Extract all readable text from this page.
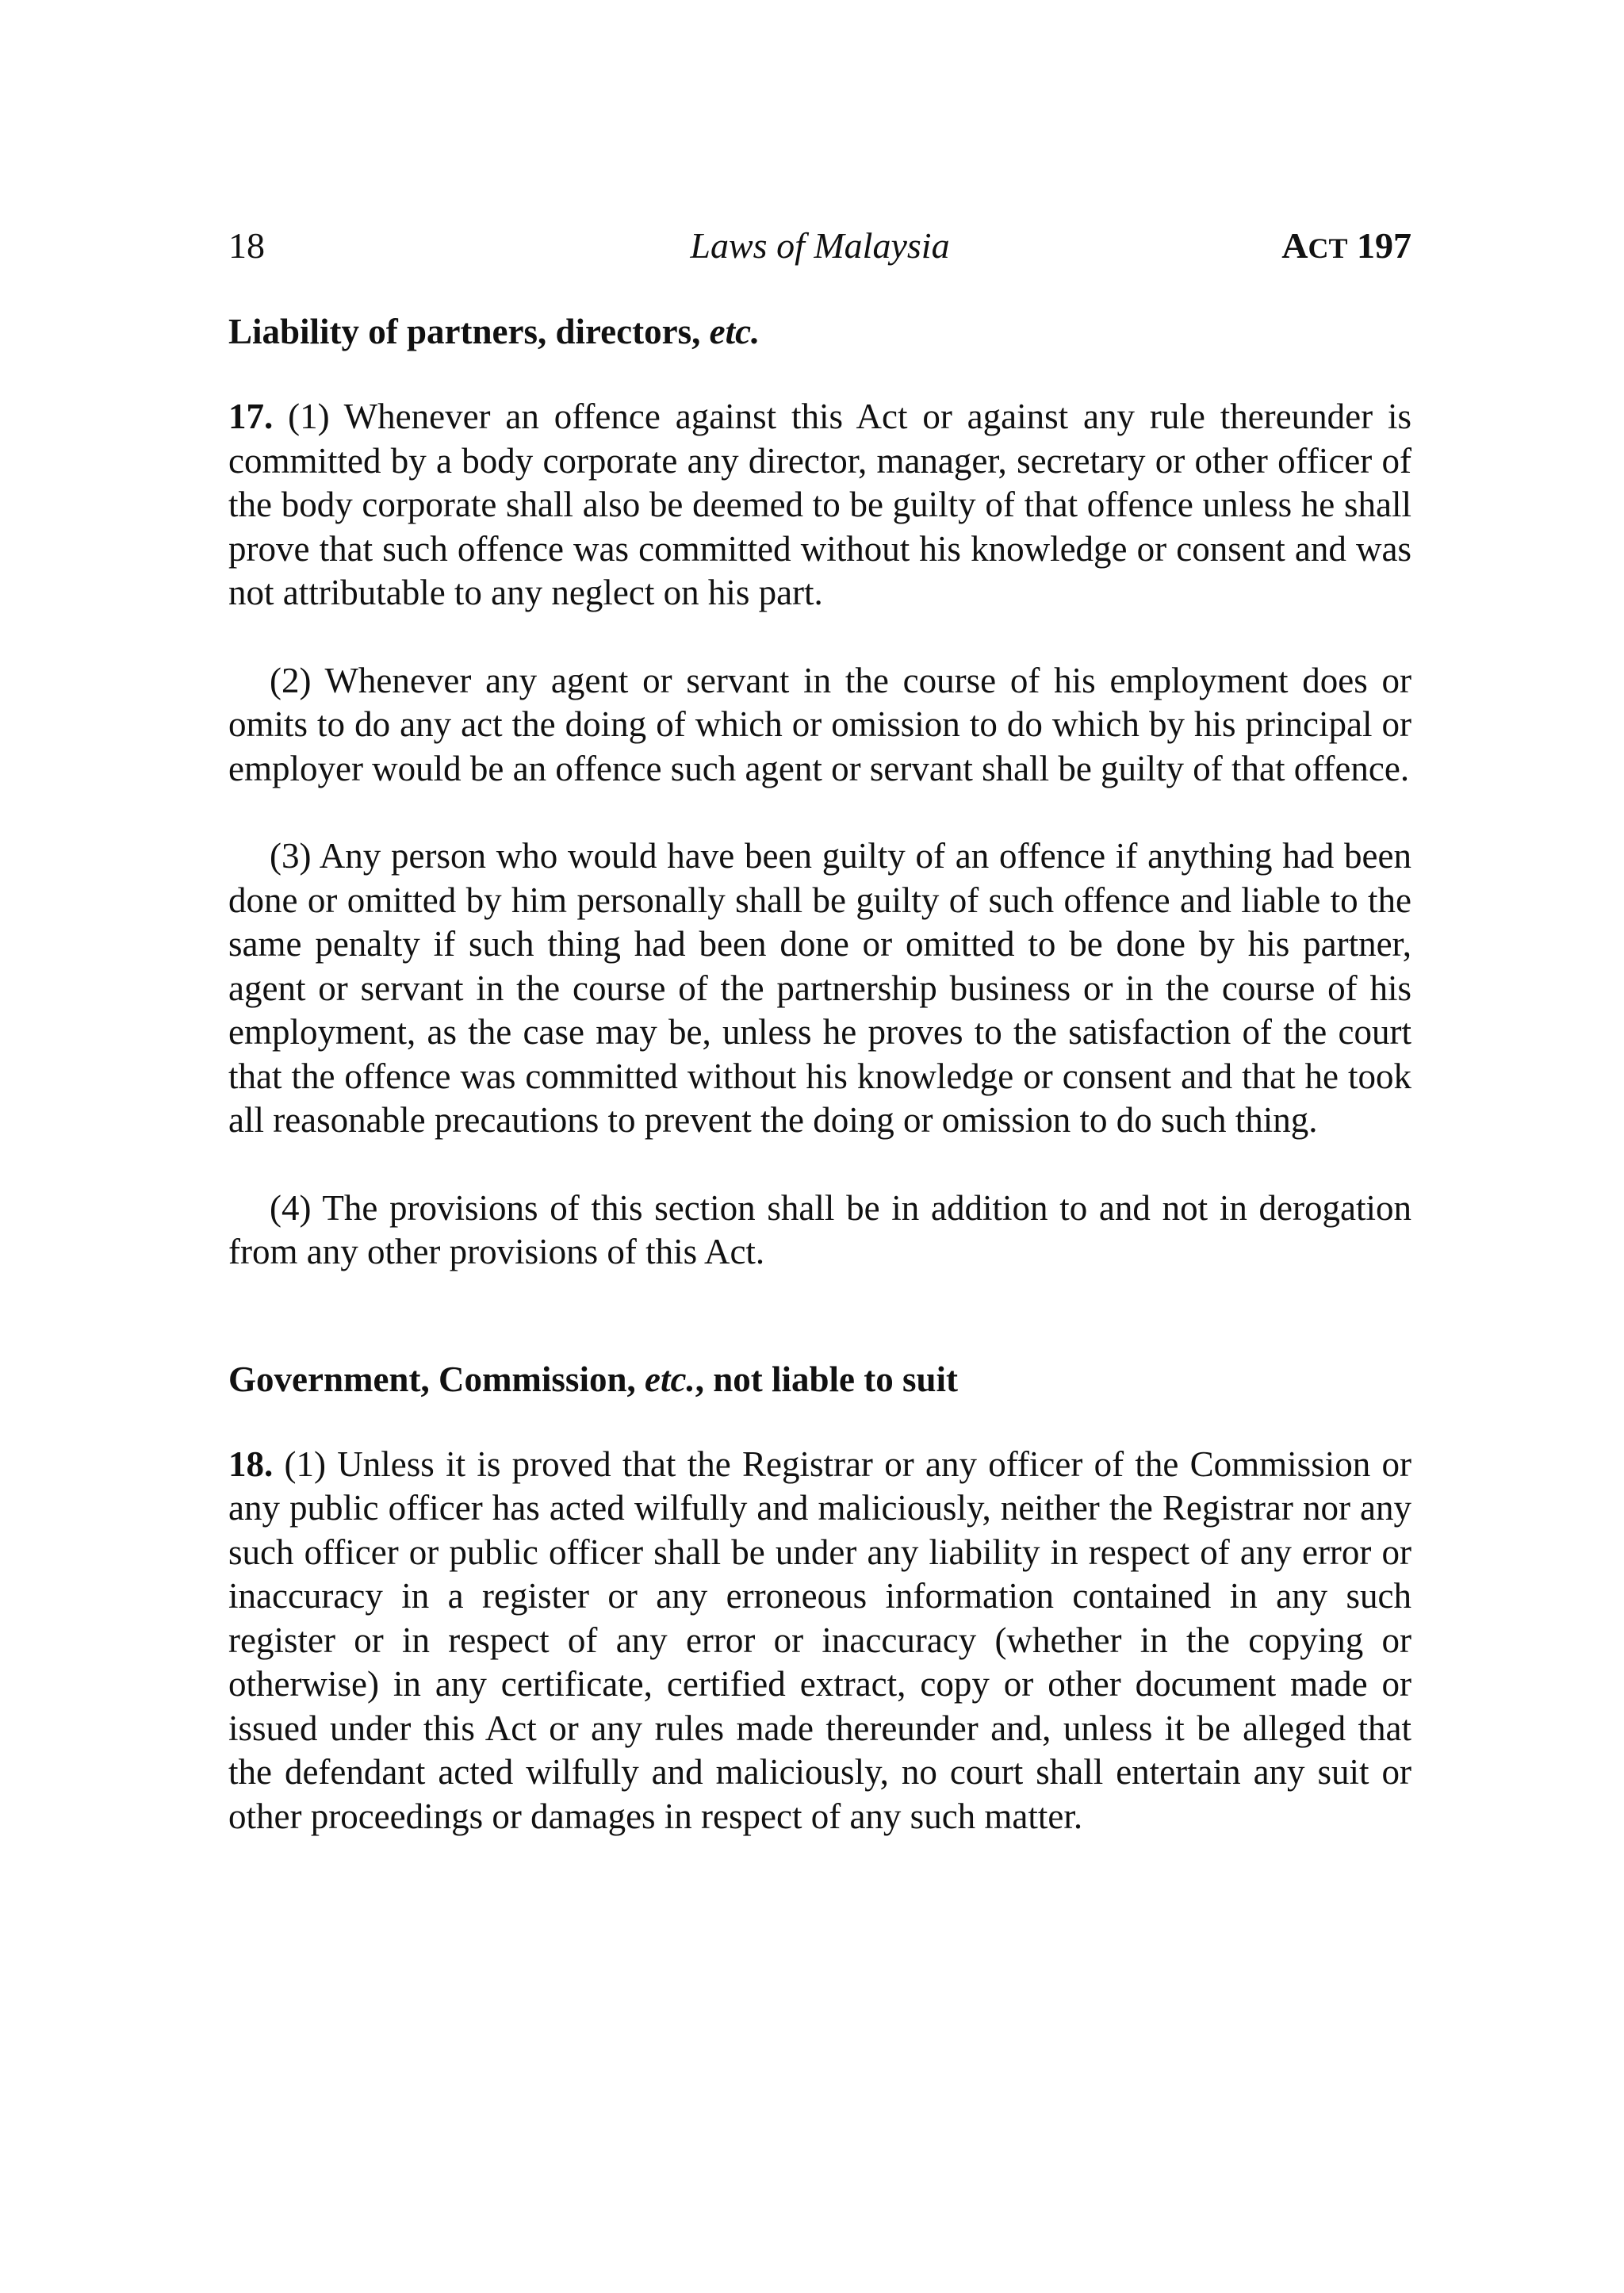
18	Laws of Malaysia	ACT 197
Liability of partners, directors, etc.

17. (1) Whenever an offence against this Act or against any rule thereunder is committed by a body corporate any director, manager, secretary or other officer of the body corporate shall also be deemed to be guilty of that offence unless he shall prove that such offence was committed without his knowledge or consent and was not attributable to any neglect on his part.

(2) Whenever any agent or servant in the course of his employment does or omits to do any act the doing of which or omission to do which by his principal or employer would be an offence such agent or servant shall be guilty of that offence.

(3) Any person who would have been guilty of an offence if anything had been done or omitted by him personally shall be guilty of such offence and liable to the same penalty if such thing had been done or omitted to be done by his partner, agent or servant in the course of the partnership business or in the course of his employment, as the case may be, unless he proves to the satisfaction of the court that the offence was committed without his knowledge or consent and that he took all reasonable precautions to prevent the doing or omission to do such thing.

(4) The provisions of this section shall be in addition to and not in derogation from any other provisions of this Act.

Government, Commission, etc., not liable to suit

18. (1) Unless it is proved that the Registrar or any officer of the Commission or any public officer has acted wilfully and maliciously, neither the Registrar nor any such officer or public officer shall be under any liability in respect of any error or inaccuracy in a register or any erroneous information contained in any such register or in respect of any error or inaccuracy (whether in the copying or otherwise) in any certificate, certified extract, copy or other document made or issued under this Act or any rules made thereunder and, unless it be alleged that the defendant acted wilfully and maliciously, no court shall entertain any suit or other proceedings or damages in respect of any such matter.
